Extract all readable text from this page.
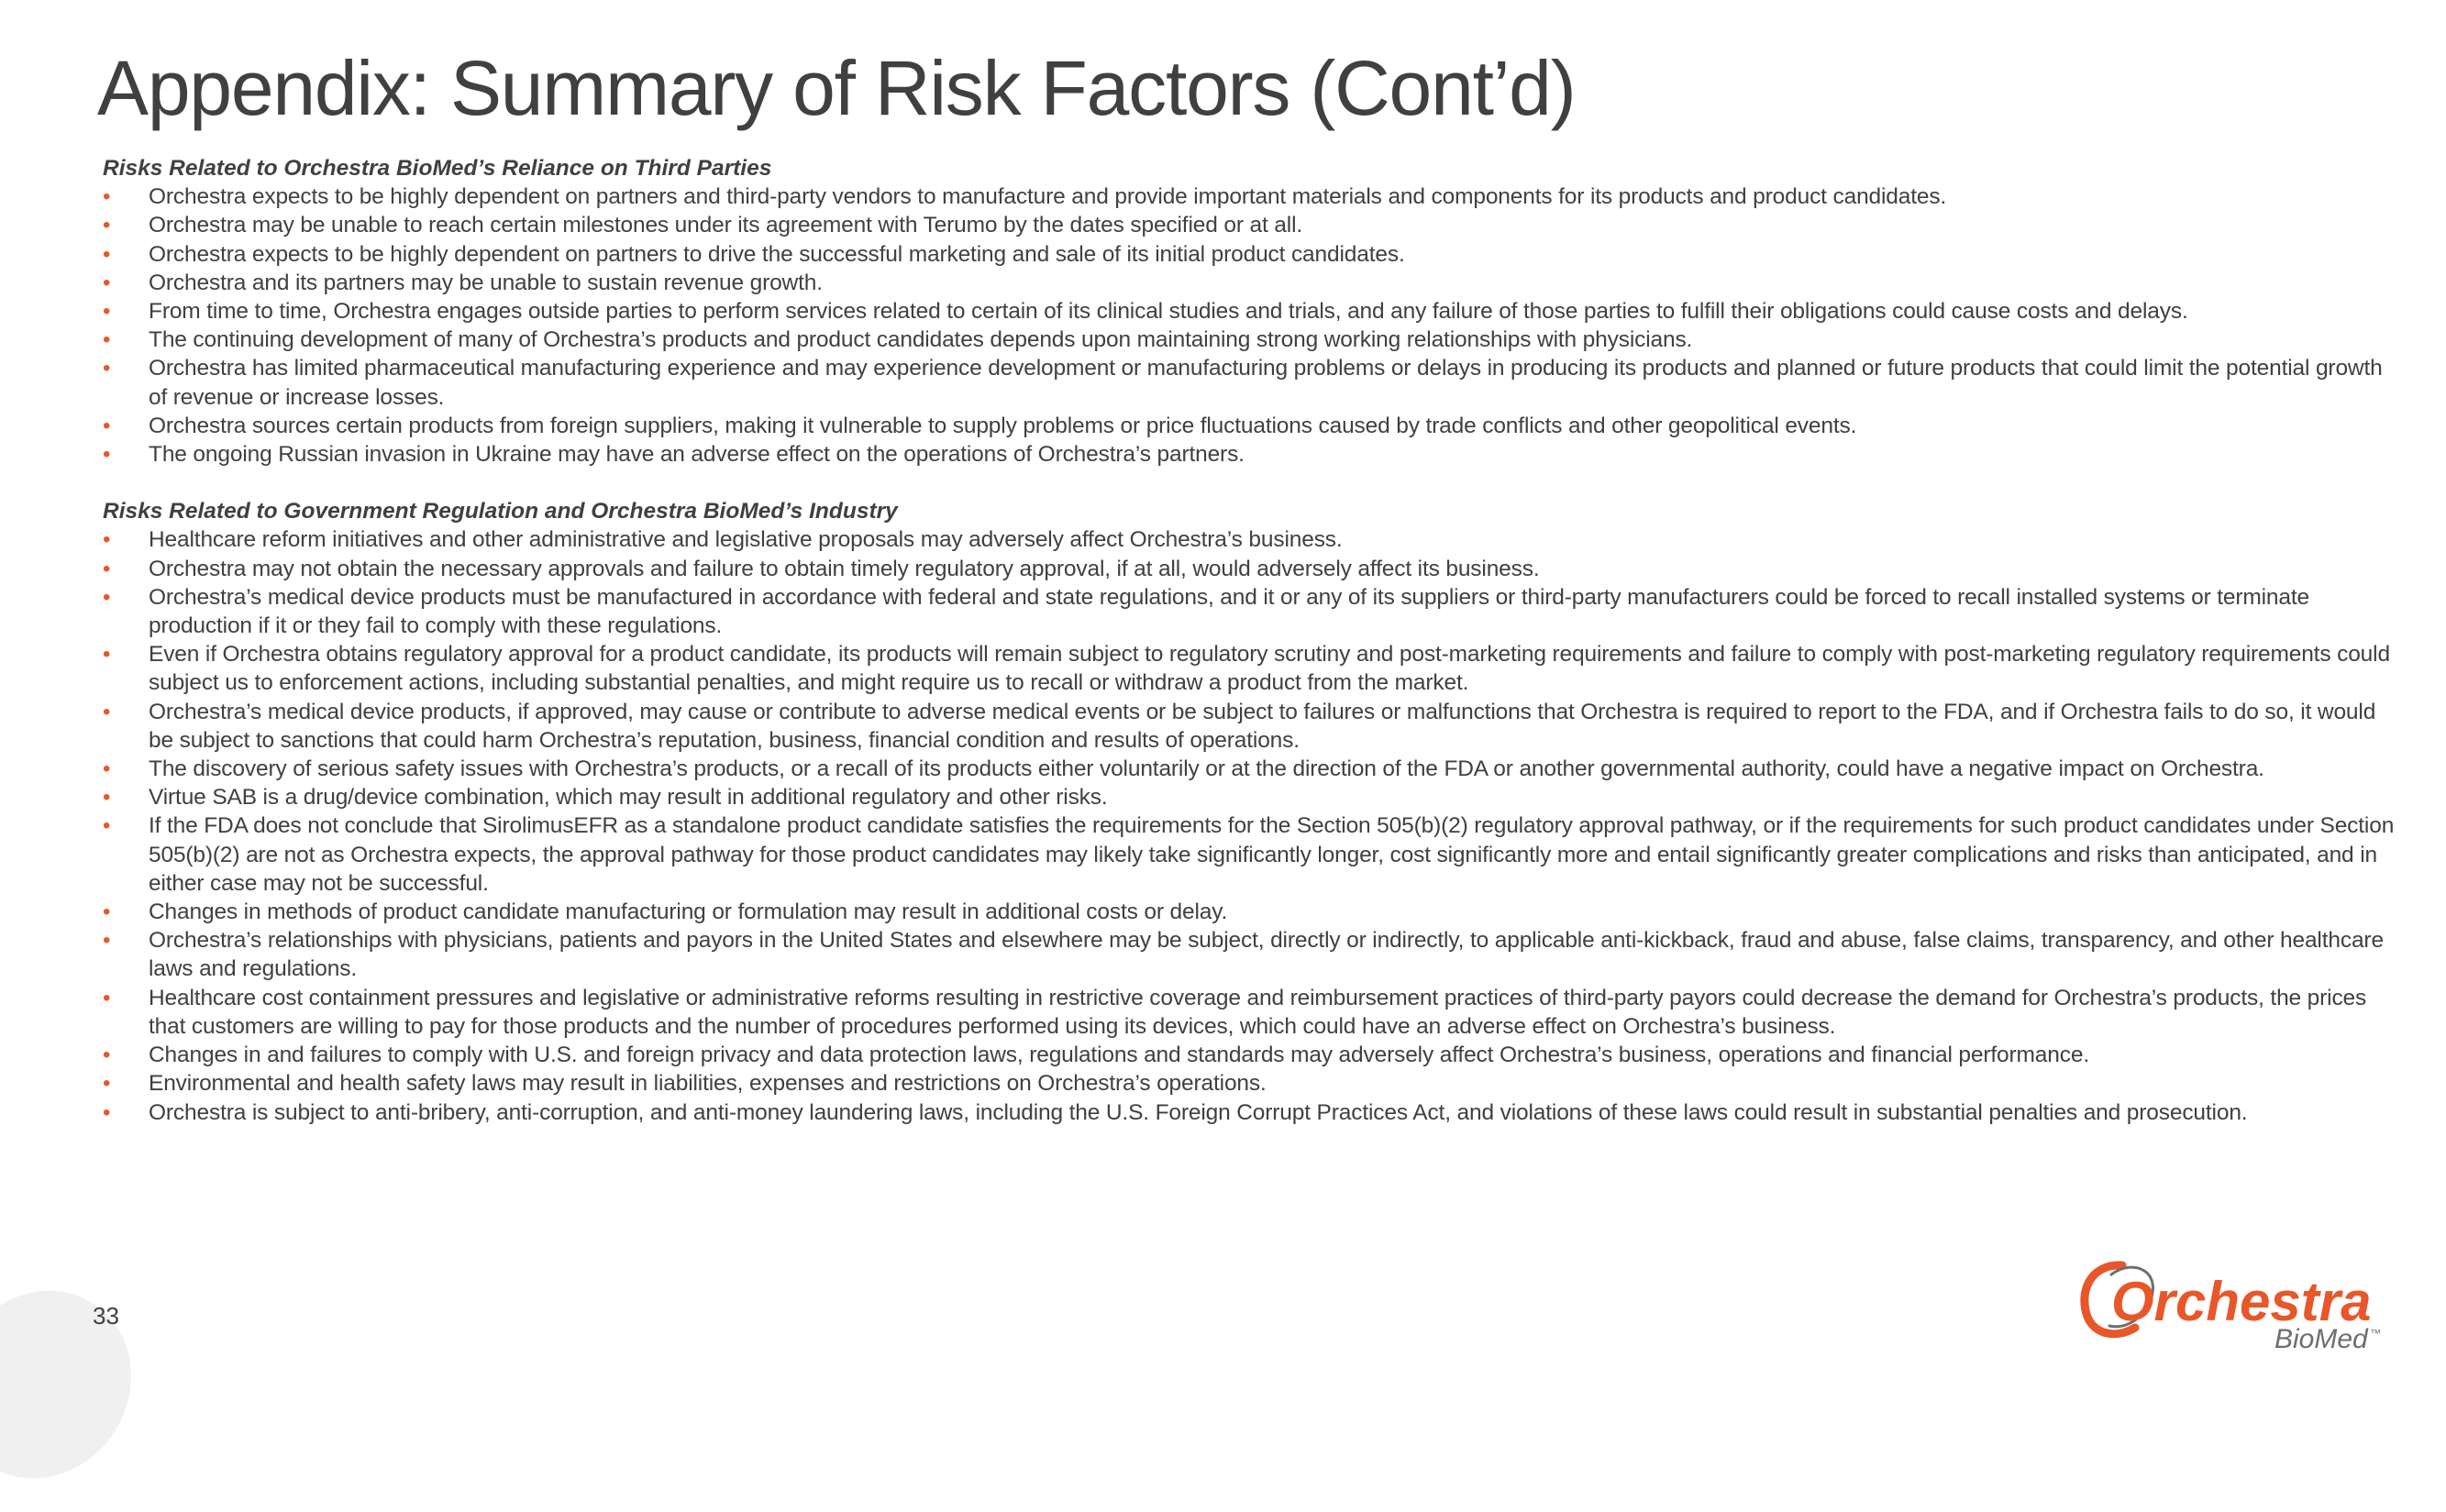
Appendix: Summary of Risk Factors (Cont’d)

Risks Related to Orchestra BioMed’s Reliance on Third Parties

• Orchestra expects to be highly dependent on partners and third-party vendors to manufacture and provide important materials and components for its products and product candidates.
• Orchestra may be unable to reach certain milestones under its agreement with Terumo by the dates specified or at all.
• Orchestra expects to be highly dependent on partners to drive the successful marketing and sale of its initial product candidates.
• Orchestra and its partners may be unable to sustain revenue growth.
• From time to time, Orchestra engages outside parties to perform services related to certain of its clinical studies and trials, and any failure of those parties to fulfill their obligations could cause costs and delays.
• The continuing development of many of Orchestra’s products and product candidates depends upon maintaining strong working relationships with physicians.
• Orchestra has limited pharmaceutical manufacturing experience and may experience development or manufacturing problems or delays in producing its products and planned or future products that could limit the potential growth of revenue or increase losses.
• Orchestra sources certain products from foreign suppliers, making it vulnerable to supply problems or price fluctuations caused by trade conflicts and other geopolitical events.
• The ongoing Russian invasion in Ukraine may have an adverse effect on the operations of Orchestra’s partners.

Risks Related to Government Regulation and Orchestra BioMed’s Industry

• Healthcare reform initiatives and other administrative and legislative proposals may adversely affect Orchestra’s business.
• Orchestra may not obtain the necessary approvals and failure to obtain timely regulatory approval, if at all, would adversely affect its business.
• Orchestra’s medical device products must be manufactured in accordance with federal and state regulations, and it or any of its suppliers or third-party manufacturers could be forced to recall installed systems or terminate production if it or they fail to comply with these regulations.
• Even if Orchestra obtains regulatory approval for a product candidate, its products will remain subject to regulatory scrutiny and post-marketing requirements and failure to comply with post-marketing regulatory requirements could subject us to enforcement actions, including substantial penalties, and might require us to recall or withdraw a product from the market.
• Orchestra’s medical device products, if approved, may cause or contribute to adverse medical events or be subject to failures or malfunctions that Orchestra is required to report to the FDA, and if Orchestra fails to do so, it would be subject to sanctions that could harm Orchestra’s reputation, business, financial condition and results of operations.
• The discovery of serious safety issues with Orchestra’s products, or a recall of its products either voluntarily or at the direction of the FDA or another governmental authority, could have a negative impact on Orchestra.
• Virtue SAB is a drug/device combination, which may result in additional regulatory and other risks.
• If the FDA does not conclude that SirolimusEFR as a standalone product candidate satisfies the requirements for the Section 505(b)(2) regulatory approval pathway, or if the requirements for such product candidates under Section 505(b)(2) are not as Orchestra expects, the approval pathway for those product candidates may likely take significantly longer, cost significantly more and entail significantly greater complications and risks than anticipated, and in either case may not be successful.
• Changes in methods of product candidate manufacturing or formulation may result in additional costs or delay.
• Orchestra’s relationships with physicians, patients and payors in the United States and elsewhere may be subject, directly or indirectly, to applicable anti-kickback, fraud and abuse, false claims, transparency, and other healthcare laws and regulations.
• Healthcare cost containment pressures and legislative or administrative reforms resulting in restrictive coverage and reimbursement practices of third-party payors could decrease the demand for Orchestra’s products, the prices that customers are willing to pay for those products and the number of procedures performed using its devices, which could have an adverse effect on Orchestra’s business.
• Changes in and failures to comply with U.S. and foreign privacy and data protection laws, regulations and standards may adversely affect Orchestra’s business, operations and financial performance.
• Environmental and health safety laws may result in liabilities, expenses and restrictions on Orchestra’s operations.
• Orchestra is subject to anti-bribery, anti-corruption, and anti-money laundering laws, including the U.S. Foreign Corrupt Practices Act, and violations of these laws could result in substantial penalties and prosecution.
33	Orchestra
BioMed ™
